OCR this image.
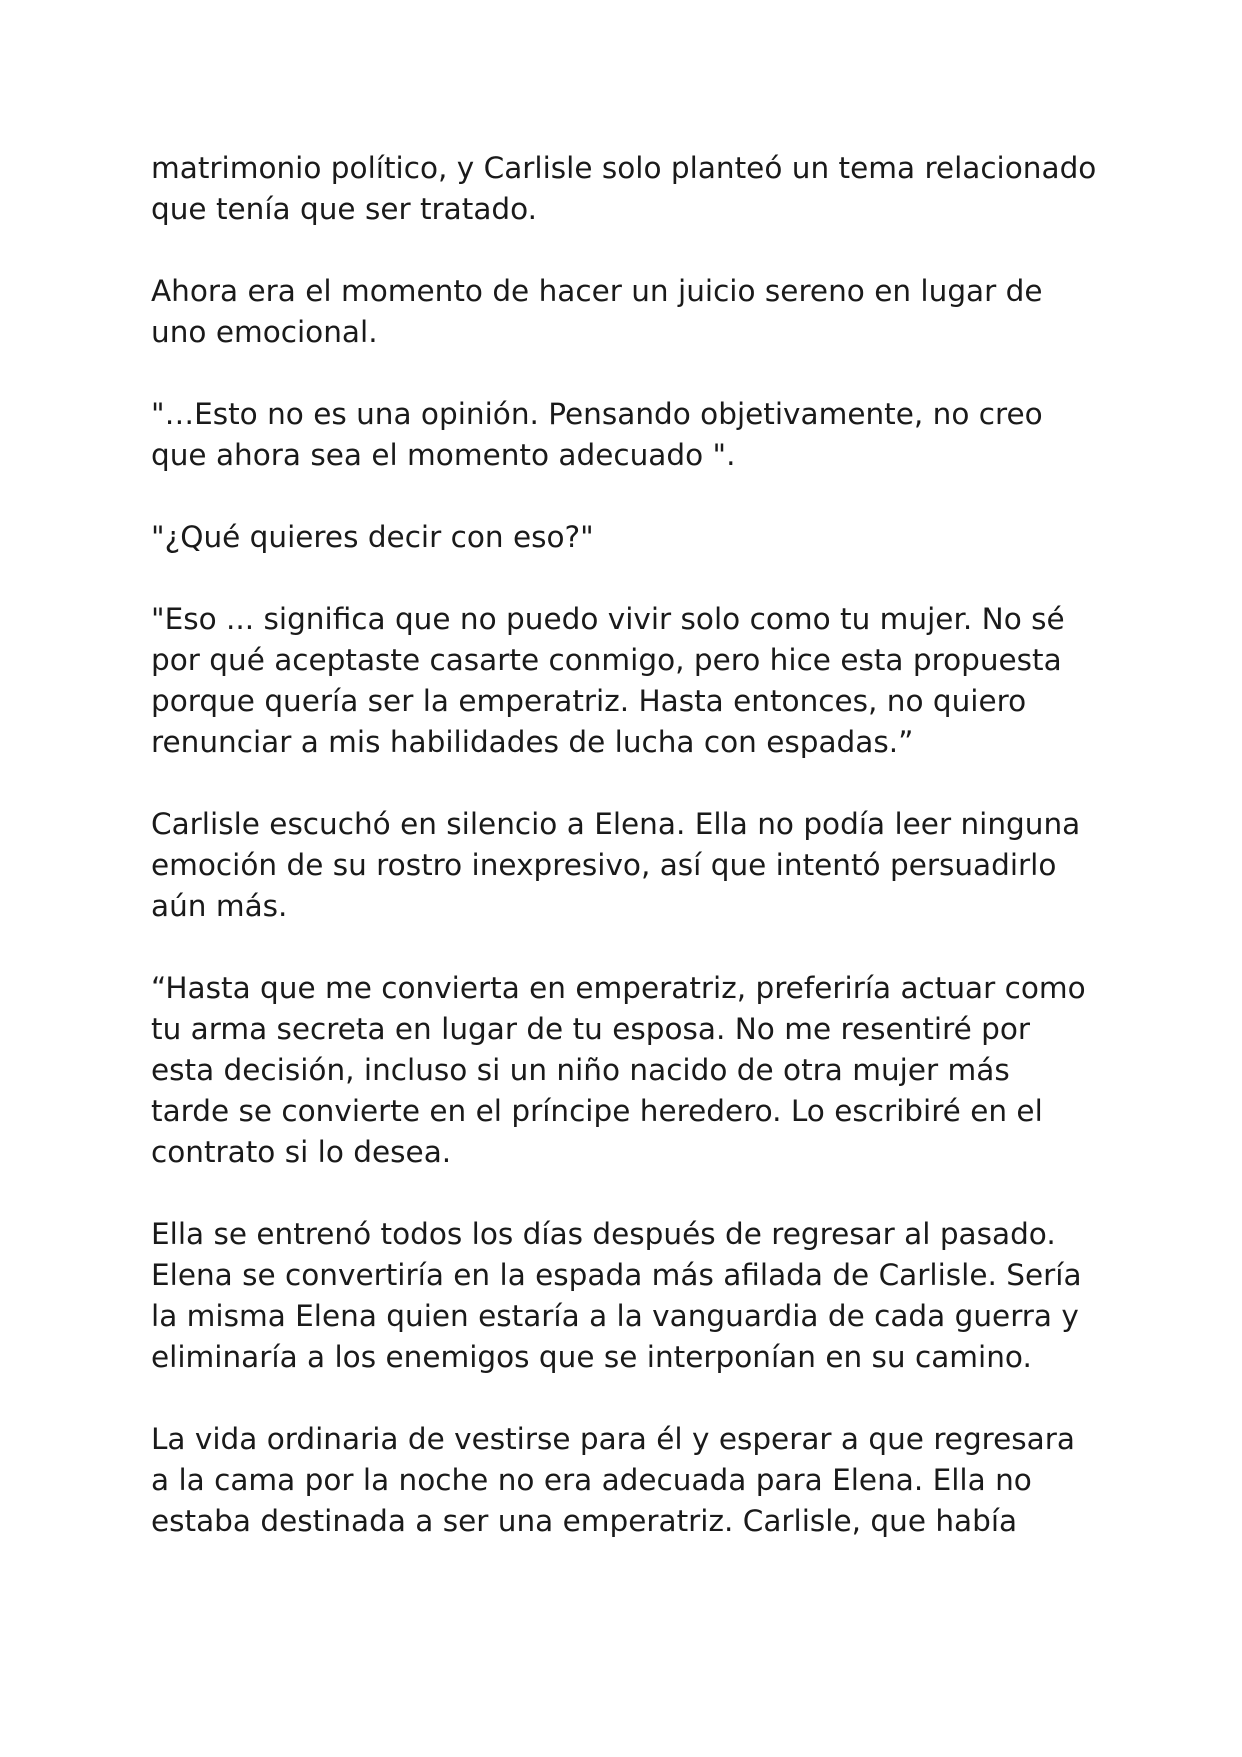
matrimonio político, y Carlisle solo planteó un tema relacionado
que tenía que ser tratado.

Ahora era el momento de hacer un juicio sereno en lugar de
uno emocional.

"…Esto no es una opinión. Pensando objetivamente, no creo
que ahora sea el momento adecuado ".

"¿Qué quieres decir con eso?"

"Eso ... significa que no puedo vivir solo como tu mujer. No sé
por qué aceptaste casarte conmigo, pero hice esta propuesta
porque quería ser la emperatriz. Hasta entonces, no quiero
renunciar a mis habilidades de lucha con espadas.”

Carlisle escuchó en silencio a Elena. Ella no podía leer ninguna
emoción de su rostro inexpresivo, así que intentó persuadirlo
aún más.

“Hasta que me convierta en emperatriz, preferiría actuar como
tu arma secreta en lugar de tu esposa. No me resentiré por
esta decisión, incluso si un niño nacido de otra mujer más
tarde se convierte en el príncipe heredero. Lo escribiré en el
contrato si lo desea.

Ella se entrenó todos los días después de regresar al pasado.
Elena se convertiría en la espada más afilada de Carlisle. Sería
la misma Elena quien estaría a la vanguardia de cada guerra y
eliminaría a los enemigos que se interponían en su camino.

La vida ordinaria de vestirse para él y esperar a que regresara
a la cama por la noche no era adecuada para Elena. Ella no
estaba destinada a ser una emperatriz. Carlisle, que había
